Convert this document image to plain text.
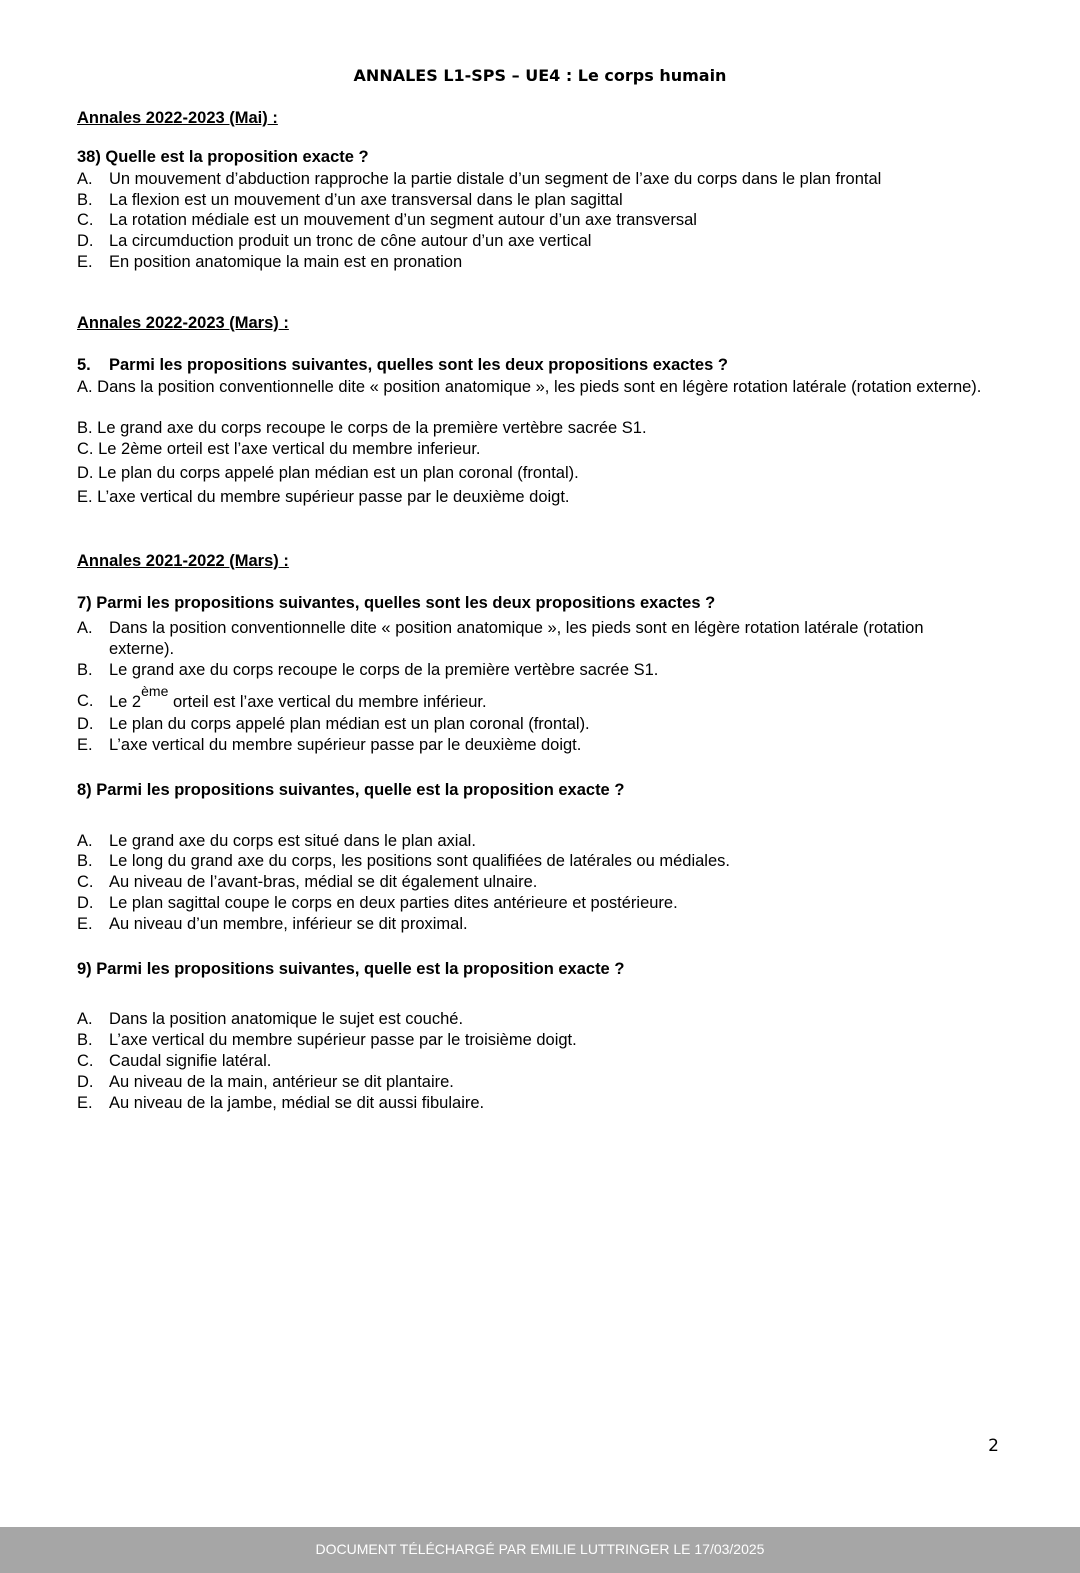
ANNALES L1-SPS – UE4 : Le corps humain
Annales 2022-2023 (Mai) :
38) Quelle est la proposition exacte ?
A. Un mouvement d’abduction rapproche la partie distale d’un segment de l’axe du corps dans le plan frontal
B. La flexion est un mouvement d’un axe transversal dans le plan sagittal
C. La rotation médiale est un mouvement d’un segment autour d’un axe transversal
D. La circumduction produit un tronc de cône autour d’un axe vertical
E. En position anatomique la main est en pronation
Annales 2022-2023 (Mars) :
5. Parmi les propositions suivantes, quelles sont les deux propositions exactes ?
A. Dans la position conventionnelle dite « position anatomique », les pieds sont en légère rotation latérale (rotation externe).
B. Le grand axe du corps recoupe le corps de la première vertèbre sacrée S1.
C. Le 2ème orteil est l’axe vertical du membre inferieur.
D. Le plan du corps appelé plan médian est un plan coronal (frontal).
E. L’axe vertical du membre supérieur passe par le deuxième doigt.
Annales 2021-2022 (Mars) :
7) Parmi les propositions suivantes, quelles sont les deux propositions exactes ?
A. Dans la position conventionnelle dite « position anatomique », les pieds sont en légère rotation latérale (rotation externe).
B. Le grand axe du corps recoupe le corps de la première vertèbre sacrée S1.
C. Le 2ème orteil est l’axe vertical du membre inférieur.
D. Le plan du corps appelé plan médian est un plan coronal (frontal).
E. L’axe vertical du membre supérieur passe par le deuxième doigt.
8) Parmi les propositions suivantes, quelle est la proposition exacte ?
A. Le grand axe du corps est situé dans le plan axial.
B. Le long du grand axe du corps, les positions sont qualifiées de latérales ou médiales.
C. Au niveau de l’avant-bras, médial se dit également ulnaire.
D. Le plan sagittal coupe le corps en deux parties dites antérieure et postérieure.
E. Au niveau d’un membre, inférieur se dit proximal.
9) Parmi les propositions suivantes, quelle est la proposition exacte ?
A. Dans la position anatomique le sujet est couché.
B. L’axe vertical du membre supérieur passe par le troisième doigt.
C. Caudal signifie latéral.
D. Au niveau de la main, antérieur se dit plantaire.
E. Au niveau de la jambe, médial se dit aussi fibulaire.
2
DOCUMENT TÉLÉCHARGÉ PAR EMILIE LUTTRINGER LE 17/03/2025
